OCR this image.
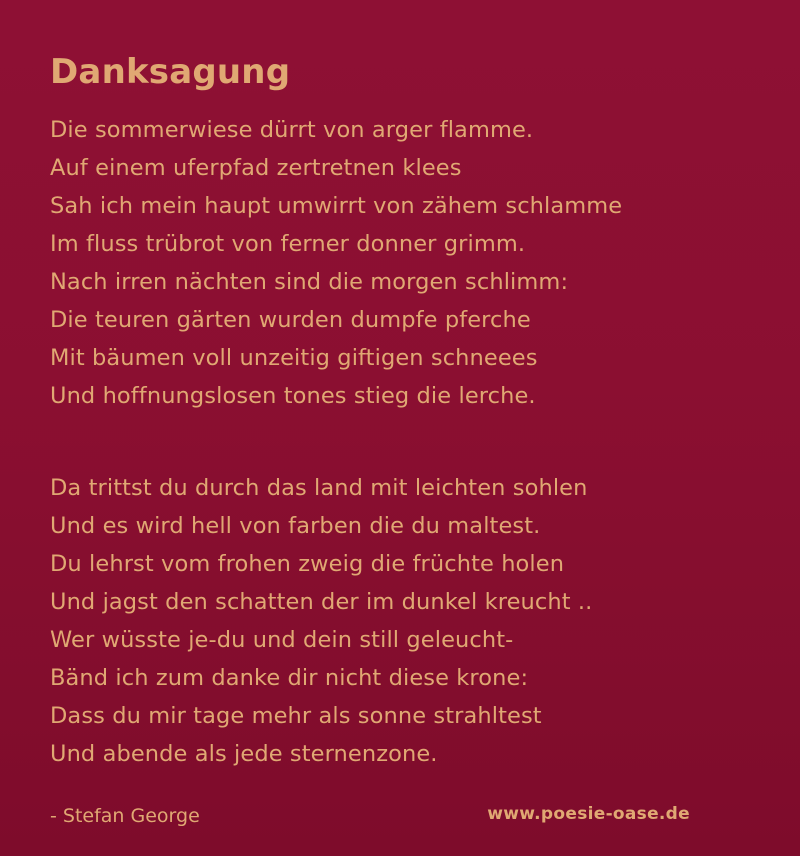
Danksagung
Die sommerwiese dürrt von arger flamme.
Auf einem uferpfad zertretnen klees
Sah ich mein haupt umwirrt von zähem schlamme
Im fluss trübrot von ferner donner grimm.
Nach irren nächten sind die morgen schlimm:
Die teuren gärten wurden dumpfe pferche
Mit bäumen voll unzeitig giftigen schneees
Und hoffnungslosen tones stieg die lerche.
Da trittst du durch das land mit leichten sohlen
Und es wird hell von farben die du maltest.
Du lehrst vom frohen zweig die früchte holen
Und jagst den schatten der im dunkel kreucht ..
Wer wüsste je-du und dein still geleucht-
Bänd ich zum danke dir nicht diese krone:
Dass du mir tage mehr als sonne strahltest
Und abende als jede sternenzone.
- Stefan George	www.poesie-oase.de
